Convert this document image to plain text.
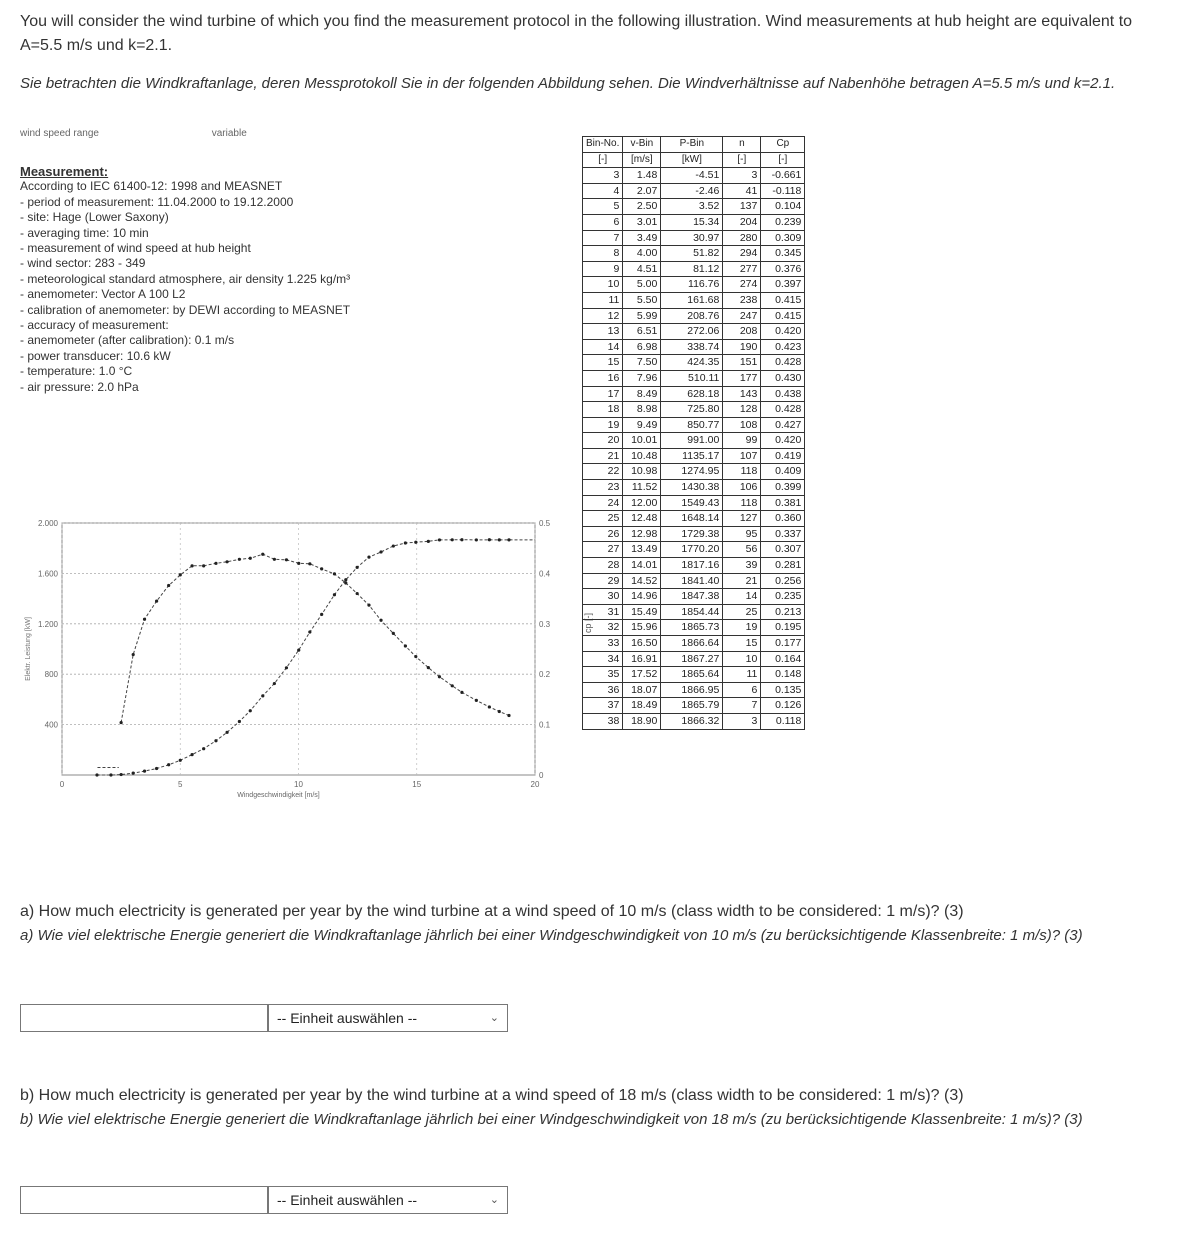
You will consider the wind turbine of which you find the measurement protocol in the following illustration. Wind measurements at hub height are equivalent to A=5.5 m/s und k=2.1.
Sie betrachten die Windkraftanlage, deren Messprotokoll Sie in der folgenden Abbildung sehen. Die Windverhältnisse auf Nabenhöhe betragen A=5.5 m/s und k=2.1.
wind speed range	variable
Measurement:
According to IEC 61400-12: 1998 and MEASNET
- period of measurement: 11.04.2000 to 19.12.2000
- site: Hage (Lower Saxony)
- averaging time: 10 min
- measurement of wind speed at hub height
- wind sector: 283 - 349
- meteorological standard atmosphere, air density 1.225 kg/m³
- anemometer: Vector A 100 L2
- calibration of anemometer: by DEWI according to MEASNET
- accuracy of measurement:
- anemometer (after calibration): 0.1 m/s
- power transducer: 10.6 kW
- temperature: 1.0 °C
- air pressure: 2.0 hPa
400
800
1.200
1.600
2.000
0
0.1
0.2
0.3
0.4
0.5
0	5	10	15	20
Windgeschwindigkeit [m/s]
Elektr. Leistung [kW]	cp [-]
Bin-No.	v-Bin	P-Bin	n	Cp
[-]	[m/s]	[kW]	[-]	[-]
3	1.48	-4.51	3	-0.661
4	2.07	-2.46	41	-0.118
5	2.50	3.52	137	0.104
6	3.01	15.34	204	0.239
7	3.49	30.97	280	0.309
8	4.00	51.82	294	0.345
9	4.51	81.12	277	0.376
10	5.00	116.76	274	0.397
11	5.50	161.68	238	0.415
12	5.99	208.76	247	0.415
13	6.51	272.06	208	0.420
14	6.98	338.74	190	0.423
15	7.50	424.35	151	0.428
16	7.96	510.11	177	0.430
17	8.49	628.18	143	0.438
18	8.98	725.80	128	0.428
19	9.49	850.77	108	0.427
20	10.01	991.00	99	0.420
21	10.48	1135.17	107	0.419
22	10.98	1274.95	118	0.409
23	11.52	1430.38	106	0.399
24	12.00	1549.43	118	0.381
25	12.48	1648.14	127	0.360
26	12.98	1729.38	95	0.337
27	13.49	1770.20	56	0.307
28	14.01	1817.16	39	0.281
29	14.52	1841.40	21	0.256
30	14.96	1847.38	14	0.235
31	15.49	1854.44	25	0.213
32	15.96	1865.73	19	0.195
33	16.50	1866.64	15	0.177
34	16.91	1867.27	10	0.164
35	17.52	1865.64	11	0.148
36	18.07	1866.95	6	0.135
37	18.49	1865.79	7	0.126
38	18.90	1866.32	3	0.118
a) How much electricity is generated per year by the wind turbine at a wind speed of 10 m/s (class width to be considered: 1 m/s)? (3)
a) Wie viel elektrische Energie generiert die Windkraftanlage jährlich bei einer Windgeschwindigkeit von 10 m/s (zu berücksichtigende Klassenbreite: 1 m/s)? (3)
-- Einheit auswählen --	⌄
b) How much electricity is generated per year by the wind turbine at a wind speed of 18 m/s (class width to be considered: 1 m/s)? (3)
b) Wie viel elektrische Energie generiert die Windkraftanlage jährlich bei einer Windgeschwindigkeit von 18 m/s (zu berücksichtigende Klassenbreite: 1 m/s)? (3)
-- Einheit auswählen --	⌄
